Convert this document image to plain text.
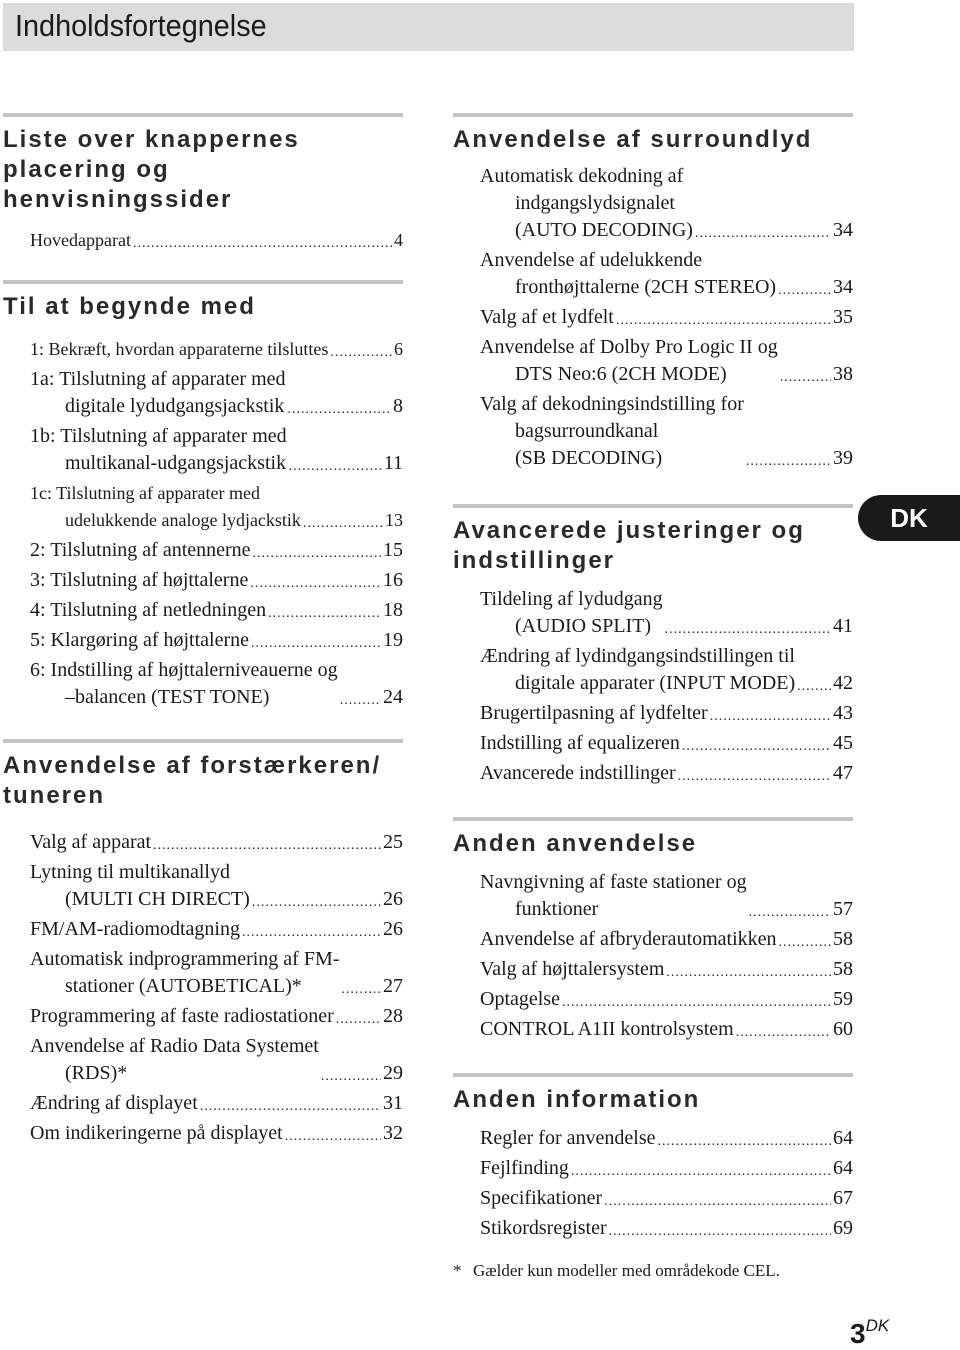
Indholdsfortegnelse
Liste over knappernes placering og henvisningssider
Hovedapparat .....	4
Til at begynde med
1: Bekræft, hvordan apparaterne tilsluttes .....	6
1a: Tilslutning af apparater med
digitale lydudgangsjackstik .....	8
1b: Tilslutning af apparater med
multikanal-udgangsjackstik .....	11
1c: Tilslutning af apparater med
udelukkende analoge lydjackstik .....	13
2: Tilslutning af antennerne .....	15
3: Tilslutning af højttalerne .....	16
4: Tilslutning af netledningen .....	18
5: Klargøring af højttalerne .....	19
6: Indstilling af højttalerniveauerne og
–balancen (TEST TONE) .....	24
Anvendelse af forstærkeren/ tuneren
Valg af apparat .....	25
Lytning til multikanallyd
(MULTI CH DIRECT) .....	26
FM/AM-radiomodtagning .....	26
Automatisk indprogrammering af FM-
stationer (AUTOBETICAL)* .....	27
Programmering af faste radiostationer ..... 28
Anvendelse af Radio Data Systemet
(RDS)* .....	29
Ændring af displayet .....	31
Om indikeringerne på displayet .....	32
Anvendelse af surroundlyd
Automatisk dekodning af
indgangslydsignalet
(AUTO DECODING) .....	34
Anvendelse af udelukkende
fronthøjttalerne (2CH STEREO) .....	34
Valg af et lydfelt .....	35
Anvendelse af Dolby Pro Logic II og
DTS Neo:6 (2CH MODE) .....	38
Valg af dekodningsindstilling for
bagsurroundkanal
(SB DECODING) .....	39
Avancerede justeringer og indstillinger
Tildeling af lydudgang
(AUDIO SPLIT) .....	41
Ændring af lydindgangsindstillingen til
digitale apparater (INPUT MODE) ..... 42
Brugertilpasning af lydfelter .....	43
Indstilling af equalizeren .....	45
Avancerede indstillinger .....	47
Anden anvendelse
Navngivning af faste stationer og
funktioner .....	57
Anvendelse af afbryderautomatikken .....	58
Valg af højttalersystem .....	58
Optagelse .....	59
CONTROL A1II kontrolsystem .....	60
Anden information
Regler for anvendelse .....	64
Fejlfinding .....	64
Specifikationer .....	67
Stikordsregister .....	69
DK
* Gælder kun modeller med områdekode CEL.
$3^{DK}$
